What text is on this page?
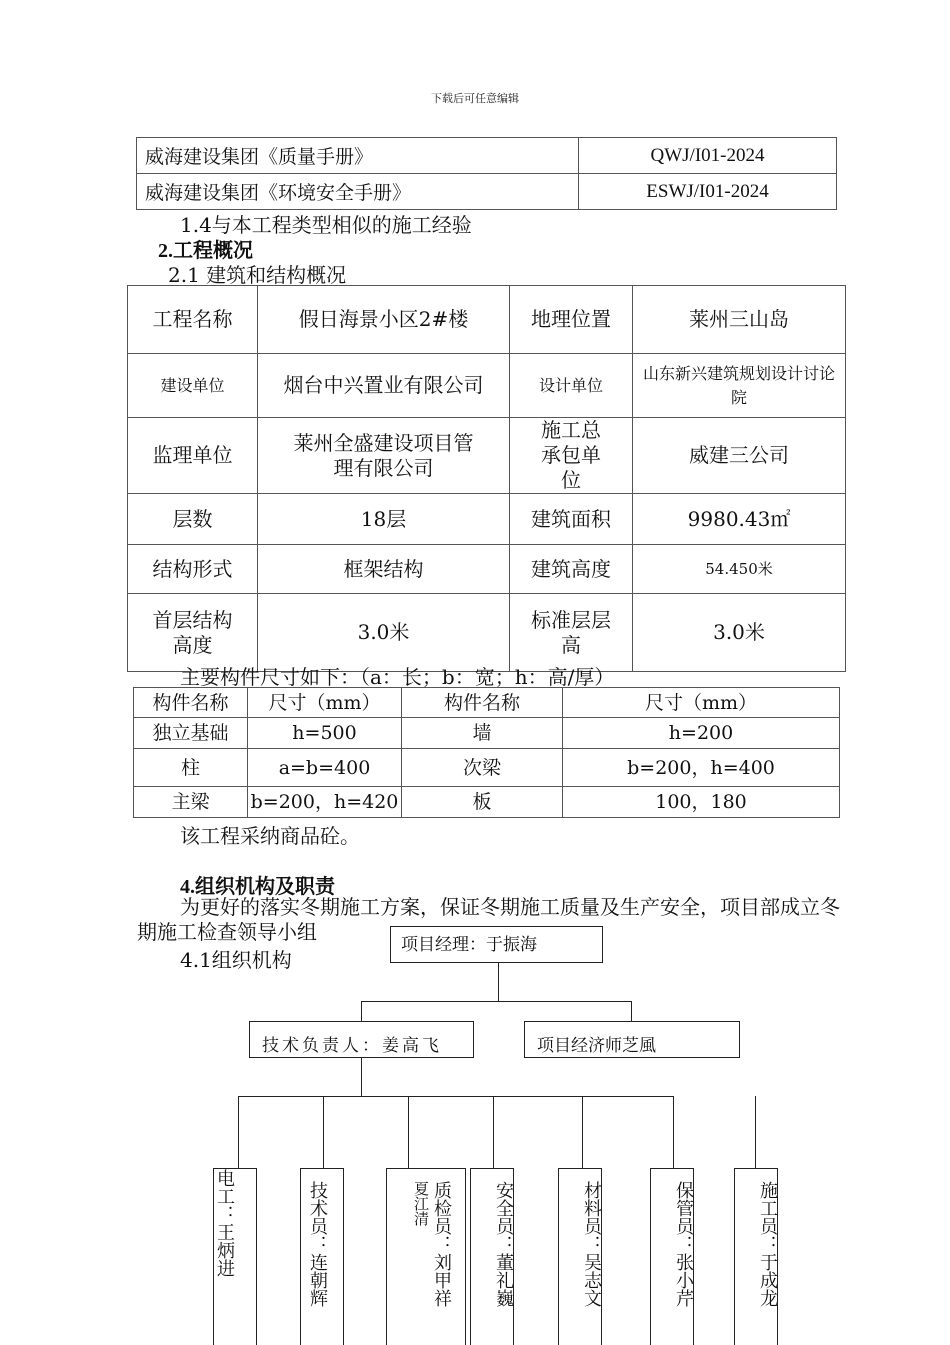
下载后可任意编辑
威海建设集团《质量手册》	QWJ/I01-2024
威海建设集团《环境安全手册》	ESWJ/I01-2024
1.4与本工程类型相似的施工经验
2.工程概况
2.1 建筑和结构概况
工程名称	假日海景小区2#楼	地理位置	莱州三山岛
建设单位	烟台中兴置业有限公司	设计单位	山东新兴建筑规划设计讨论院
监理单位	莱州全盛建设项目管理有限公司	施工总承包单位	威建三公司
层数	18层	建筑面积	9980.43㎡
结构形式	框架结构	建筑高度	54.450米
首层结构高度	3.0米	标准层层高	3.0米
主要构件尺寸如下：（a：长；b：宽；h：高/厚）
构件名称	尺寸（mm）	构件名称	尺寸（mm）
独立基础	h=500	墙	h=200
柱	a=b=400	次梁	b=200，h=400
主梁	b=200，h=420	板	100，180
该工程采纳商品砼。
4.组织机构及职责
为更好的落实冬期施工方案，保证冬期施工质量及生产安全，项目部成立冬期施工检查领导小组
4.1组织机构
项目经理：于振海
技术负责人：姜高飞	项目经济师芝風
电工：王炳进	技术员：连朝辉	夏江清 质检员：刘甲祥 安全员：董礼巍	材料员：吴志文	保管员：张小芹	施工员：于成龙
